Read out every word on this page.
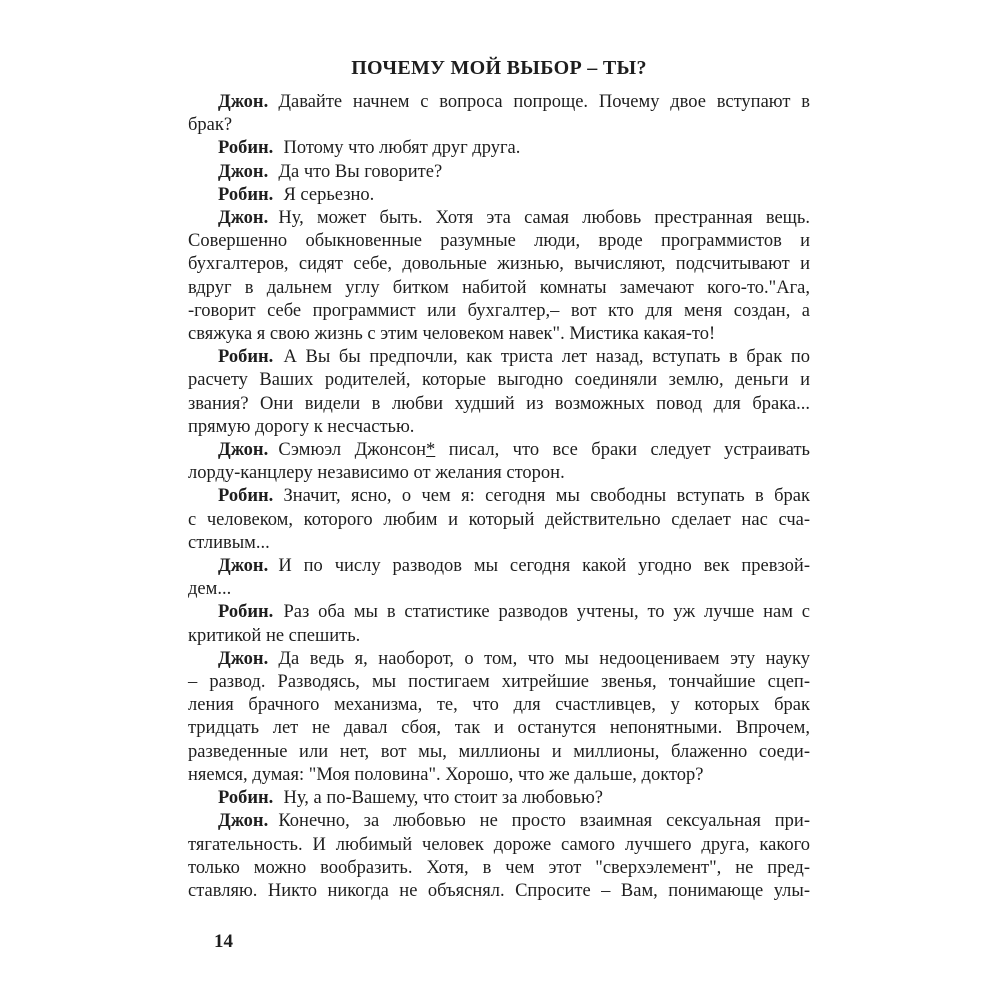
ПОЧЕМУ МОЙ ВЫБОР – ТЫ?
Джон. Давайте начнем с вопроса попроще. Почему двое вступают в
брак?
Робин. Потому что любят друг друга.
Джон. Да что Вы говорите?
Робин. Я серьезно.
Джон. Ну, может быть. Хотя эта самая любовь престранная вещь.
Совершенно обыкновенные разумные люди, вроде программистов и
бухгалтеров, сидят себе, довольные жизнью, вычисляют, подсчитывают и
вдруг в дальнем углу битком набитой комнаты замечают кого-то."Ага,
-говорит себе программист или бухгалтер,– вот кто для меня создан, а
свяжука я свою жизнь с этим человеком навек". Мистика какая-то!
Робин. А Вы бы предпочли, как триста лет назад, вступать в брак по
расчету Ваших родителей, которые выгодно соединяли землю, деньги и
звания? Они видели в любви худший из возможных повод для брака...
прямую дорогу к несчастью.
Джон. Сэмюэл Джонсон* писал, что все браки следует устраивать
лорду-канцлеру независимо от желания сторон.
Робин. Значит, ясно, о чем я: сегодня мы свободны вступать в брак
с человеком, которого любим и который действительно сделает нас сча-
стливым...
Джон. И по числу разводов мы сегодня какой угодно век превзой-
дем...
Робин. Раз оба мы в статистике разводов учтены, то уж лучше нам с
критикой не спешить.
Джон. Да ведь я, наоборот, о том, что мы недооцениваем эту науку
– развод. Разводясь, мы постигаем хитрейшие звенья, тончайшие сцеп-
ления брачного механизма, те, что для счастливцев, у которых брак
тридцать лет не давал сбоя, так и останутся непонятными. Впрочем,
разведенные или нет, вот мы, миллионы и миллионы, блаженно соеди-
няемся, думая: "Моя половина". Хорошо, что же дальше, доктор?
Робин. Ну, а по-Вашему, что стоит за любовью?
Джон. Конечно, за любовью не просто взаимная сексуальная при-
тягательность. И любимый человек дороже самого лучшего друга, какого
только можно вообразить. Хотя, в чем этот "сверхэлемент", не пред-
ставляю. Никто никогда не объяснял. Спросите – Вам, понимающе улы-
14
